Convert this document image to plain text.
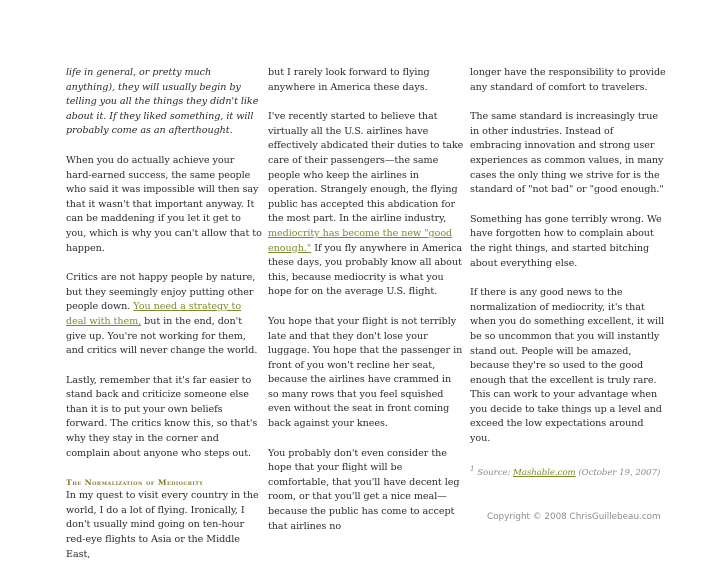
life in general, or pretty much anything), they will usually begin by telling you all the things they didn't like about it. If they liked something, it will probably come as an afterthought.

When you do actually achieve your hard-earned success, the same people who said it was impossible will then say that it wasn't that important anyway. It can be maddening if you let it get to you, which is why you can't allow that to happen.

Critics are not happy people by nature, but they seemingly enjoy putting other people down. You need a strategy to deal with them, but in the end, don't give up. You're not working for them, and critics will never change the world.

Lastly, remember that it's far easier to stand back and criticize someone else than it is to put your own beliefs forward. The critics know this, so that's why they stay in the corner and complain about anyone who steps out.

The Normalization of Mediocrity

In my quest to visit every country in the world, I do a lot of flying. Ironically, I don't usually mind going on ten-hour red-eye flights to Asia or the Middle East,

but I rarely look forward to flying anywhere in America these days.

I've recently started to believe that virtually all the U.S. airlines have effectively abdicated their duties to take care of their passengers—the same people who keep the airlines in operation. Strangely enough, the flying public has accepted this abdication for the most part. In the airline industry, mediocrity has become the new "good enough." If you fly anywhere in America these days, you probably know all about this, because mediocrity is what you hope for on the average U.S. flight.

You hope that your flight is not terribly late and that they don't lose your luggage. You hope that the passenger in front of you won't recline her seat, because the airlines have crammed in so many rows that you feel squished even without the seat in front coming back against your knees.

You probably don't even consider the hope that your flight will be comfortable, that you'll have decent leg room, or that you'll get a nice meal—because the public has come to accept that airlines no

longer have the responsibility to provide any standard of comfort to travelers.

The same standard is increasingly true in other industries. Instead of embracing innovation and strong user experiences as common values, in many cases the only thing we strive for is the standard of "not bad" or "good enough."

Something has gone terribly wrong. We have forgotten how to complain about the right things, and started bitching about everything else.

If there is any good news to the normalization of mediocrity, it's that when you do something excellent, it will be so uncommon that you will instantly stand out. People will be amazed, because they're so used to the good enough that the excellent is truly rare. This can work to your advantage when you decide to take things up a level and exceed the low expectations around you.

$^1$ Source: Mashable.com (October 19, 2007)
Copyright © 2008 ChrisGuillebeau.com
